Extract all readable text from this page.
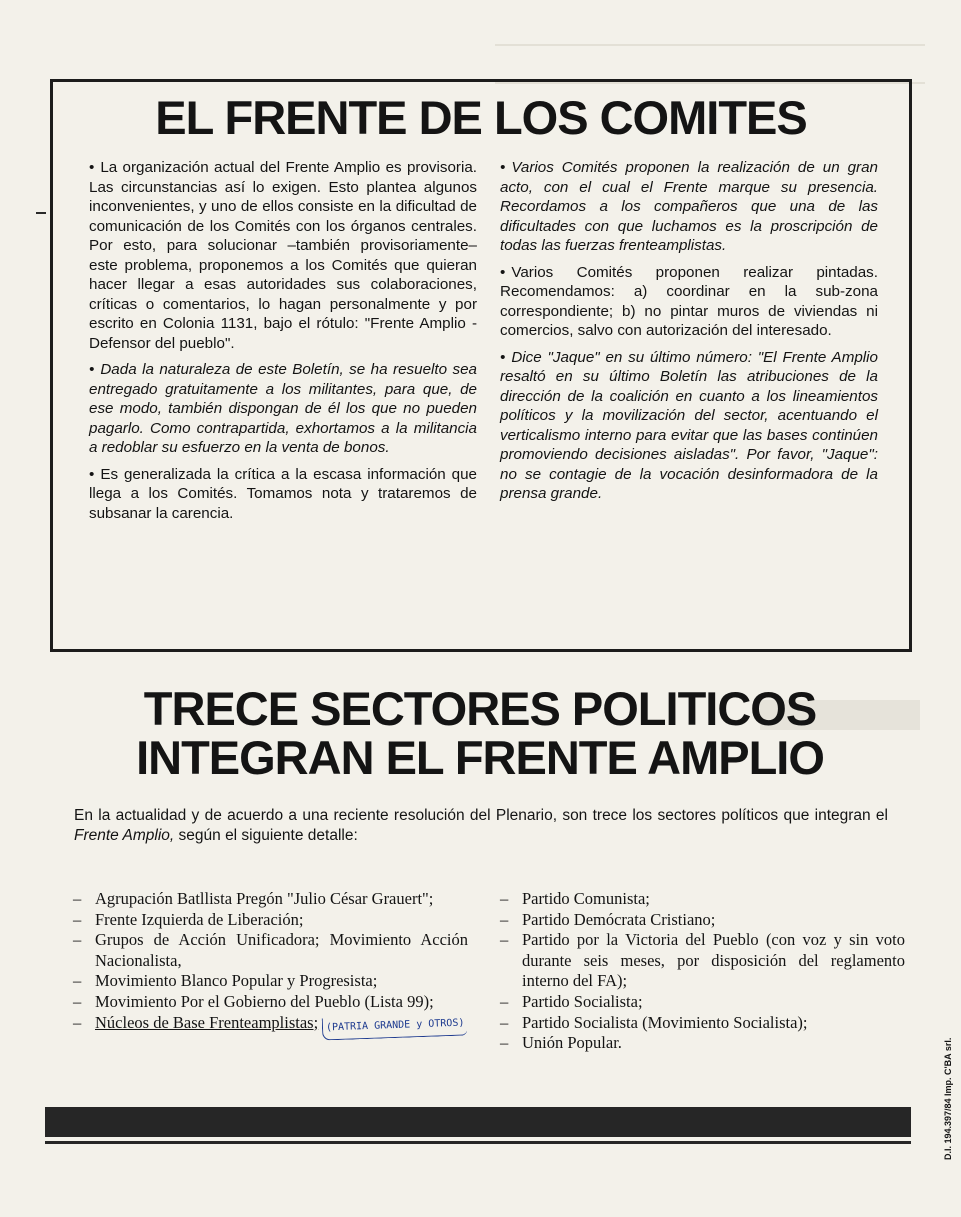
EL FRENTE DE LOS COMITES

• La organización actual del Frente Amplio es provisoria. Las circunstancias así lo exigen. Esto plantea algunos inconvenientes, y uno de ellos consiste en la dificultad de comunicación de los Comités con los órganos centrales. Por esto, para solucionar –también provisoriamente– este problema, proponemos a los Comités que quieran hacer llegar a esas autoridades sus colaboraciones, críticas o comentarios, lo hagan personalmente y por escrito en Colonia 1131, bajo el rótulo: "Frente Amplio - Defensor del pueblo".

• Dada la naturaleza de este Boletín, se ha resuelto sea entregado gratuitamente a los militantes, para que, de ese modo, también dispongan de él los que no pueden pagarlo. Como contrapartida, exhortamos a la militancia a redoblar su esfuerzo en la venta de bonos.

• Es generalizada la crítica a la escasa información que llega a los Comités. Tomamos nota y trataremos de subsanar la carencia.

• Varios Comités proponen la realización de un gran acto, con el cual el Frente marque su presencia. Recordamos a los compañeros que una de las dificultades con que luchamos es la proscripción de todas las fuerzas frenteamplistas.

• Varios Comités proponen realizar pintadas. Recomendamos: a) coordinar en la sub-zona correspondiente; b) no pintar muros de viviendas ni comercios, salvo con autorización del interesado.

• Dice "Jaque" en su último número: "El Frente Amplio resaltó en su último Boletín las atribuciones de la dirección de la coalición en cuanto a los lineamientos políticos y la movilización del sector, acentuando el verticalismo interno para evitar que las bases continúen promoviendo decisiones aisladas". Por favor, "Jaque": no se contagie de la vocación desinformadora de la prensa grande.

TRECE SECTORES POLITICOS
INTEGRAN EL FRENTE AMPLIO

En la actualidad y de acuerdo a una reciente resolución del Plenario, son trece los sectores políticos que integran el Frente Amplio, según el siguiente detalle:

– Agrupación Batllista Pregón "Julio César Grauert";
– Frente Izquierda de Liberación;
– Grupos de Acción Unificadora; Movimiento Acción Nacionalista,
– Movimiento Blanco Popular y Progresista;
– Movimiento Por el Gobierno del Pueblo (Lista 99);
– Núcleos de Base Frenteamplistas; (PATRIA GRANDE y OTROS)
– Partido Comunista;
– Partido Demócrata Cristiano;
– Partido por la Victoria del Pueblo (con voz y sin voto durante seis meses, por disposición del reglamento interno del FA);
– Partido Socialista;
– Partido Socialista (Movimiento Socialista);
– Unión Popular.	D.I. 194.397/84 Imp. C'BA srl.
